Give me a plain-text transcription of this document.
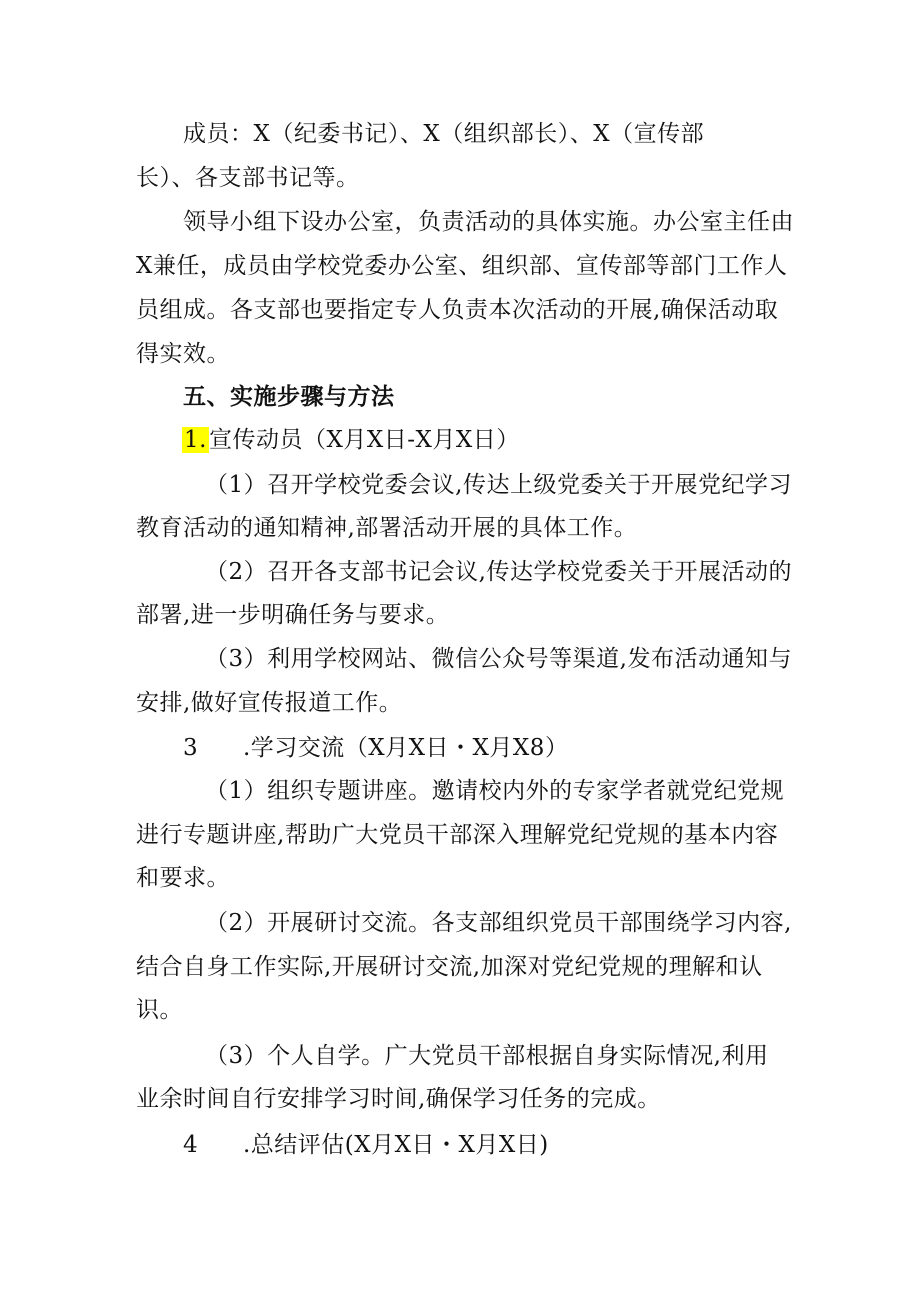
成员：X（纪委书记）、X（组织部长）、X（宣传部
长）、各支部书记等。
领导小组下设办公室，负责活动的具体实施。办公室主任由
X兼任，成员由学校党委办公室、组织部、宣传部等部门工作人
员组成。各支部也要指定专人负责本次活动的开展,确保活动取
得实效。
五、实施步骤与方法
1.宣传动员（X月X日-X月X日）
（1）召开学校党委会议,传达上级党委关于开展党纪学习
教育活动的通知精神,部署活动开展的具体工作。
（2）召开各支部书记会议,传达学校党委关于开展活动的
部署,进一步明确任务与要求。
（3）利用学校网站、微信公众号等渠道,发布活动通知与
安排,做好宣传报道工作。
3 .学习交流（X月X日・X月X8）
（1）组织专题讲座。邀请校内外的专家学者就党纪党规
进行专题讲座,帮助广大党员干部深入理解党纪党规的基本内容
和要求。
（2）开展研讨交流。各支部组织党员干部围绕学习内容,
结合自身工作实际,开展研讨交流,加深对党纪党规的理解和认
识。
（3）个人自学。广大党员干部根据自身实际情况,利用
业余时间自行安排学习时间,确保学习任务的完成。
4 .总结评估(X月X日・X月X日)
